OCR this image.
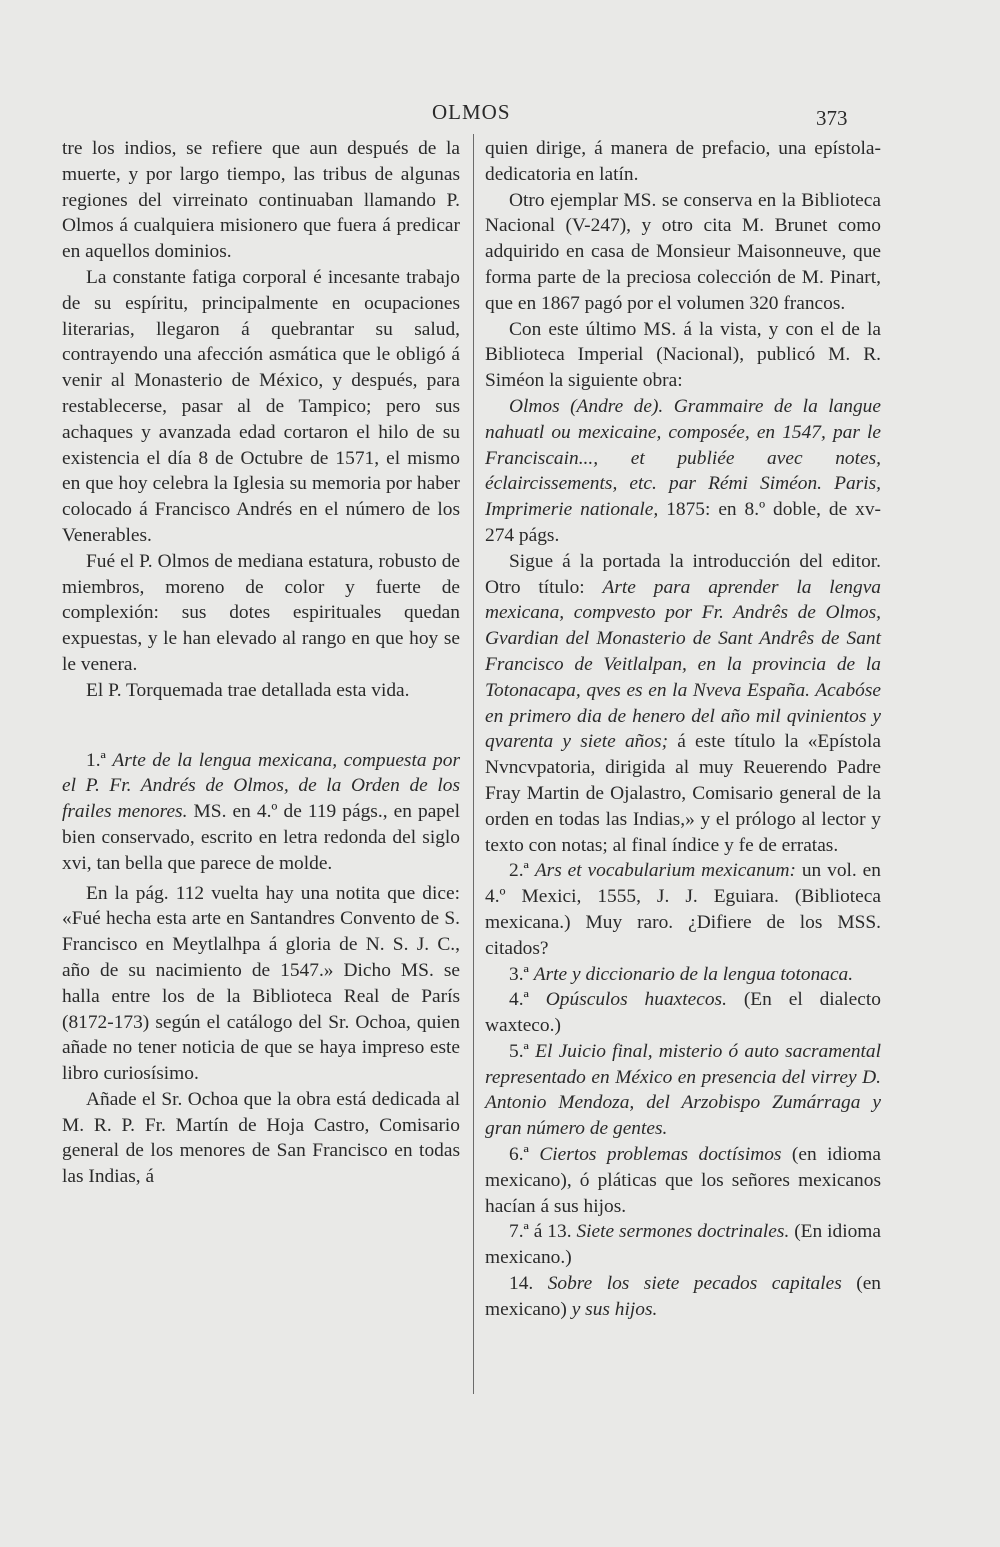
OLMOS	373

tre los indios, se refiere que aun después de la muerte, y por largo tiempo, las tribus de algunas regiones del virreinato continuaban llamando P. Olmos á cualquiera misionero que fuera á predicar en aquellos dominios.

La constante fatiga corporal é incesante trabajo de su espíritu, principalmente en ocupaciones literarias, llegaron á quebrantar su salud, contrayendo una afección asmática que le obligó á venir al Monasterio de México, y después, para restablecerse, pasar al de Tampico; pero sus achaques y avanzada edad cortaron el hilo de su existencia el día 8 de Octubre de 1571, el mismo en que hoy celebra la Iglesia su memoria por haber colocado á Francisco Andrés en el número de los Venerables.

Fué el P. Olmos de mediana estatura, robusto de miembros, moreno de color y fuerte de complexión: sus dotes espirituales quedan expuestas, y le han elevado al rango en que hoy se le venera.

El P. Torquemada trae detallada esta vida.

1.ª Arte de la lengua mexicana, compuesta por el P. Fr. Andrés de Olmos, de la Orden de los frailes menores. MS. en 4.º de 119 págs., en papel bien conservado, escrito en letra redonda del siglo xvi, tan bella que parece de molde.

En la pág. 112 vuelta hay una notita que dice: «Fué hecha esta arte en Santandres Convento de S. Francisco en Meytlalhpa á gloria de N. S. J. C., año de su nacimiento de 1547.» Dicho MS. se halla entre los de la Biblioteca Real de París (8172-173) según el catálogo del Sr. Ochoa, quien añade no tener noticia de que se haya impreso este libro curiosísimo.

Añade el Sr. Ochoa que la obra está dedicada al M. R. P. Fr. Martín de Hoja Castro, Comisario general de los menores de San Francisco en todas las Indias, á

quien dirige, á manera de prefacio, una epístola-dedicatoria en latín.

Otro ejemplar MS. se conserva en la Biblioteca Nacional (V-247), y otro cita M. Brunet como adquirido en casa de Monsieur Maisonneuve, que forma parte de la preciosa colección de M. Pinart, que en 1867 pagó por el volumen 320 francos.

Con este último MS. á la vista, y con el de la Biblioteca Imperial (Nacional), publicó M. R. Siméon la siguiente obra:

Olmos (Andre de). Grammaire de la langue nahuatl ou mexicaine, composée, en 1547, par le Franciscain..., et publiée avec notes, éclaircissements, etc. par Rémi Siméon. Paris, Imprimerie nationale, 1875: en 8.º doble, de xv-274 págs.

Sigue á la portada la introducción del editor. Otro título: Arte para aprender la lengva mexicana, compvesto por Fr. Andrês de Olmos, Gvardian del Monasterio de Sant Andrês de Sant Francisco de Veitlalpan, en la provincia de la Totonacapa, qves es en la Nveva España. Acabóse en primero dia de henero del año mil qvinientos y qvarenta y siete años; á este título la «Epístola Nvncvpatoria, dirigida al muy Reuerendo Padre Fray Martin de Ojalastro, Comisario general de la orden en todas las Indias,» y el prólogo al lector y texto con notas; al final índice y fe de erratas.

2.ª Ars et vocabularium mexicanum: un vol. en 4.º Mexici, 1555, J. J. Eguiara. (Biblioteca mexicana.) Muy raro. ¿Difiere de los MSS. citados?

3.ª Arte y diccionario de la lengua totonaca.

4.ª Opúsculos huaxtecos. (En el dialecto waxteco.)

5.ª El Juicio final, misterio ó auto sacramental representado en México en presencia del virrey D. Antonio Mendoza, del Arzobispo Zumárraga y gran número de gentes.

6.ª Ciertos problemas doctísimos (en idioma mexicano), ó pláticas que los señores mexicanos hacían á sus hijos.

7.ª á 13. Siete sermones doctrinales. (En idioma mexicano.)

14. Sobre los siete pecados capitales (en mexicano) y sus hijos.
